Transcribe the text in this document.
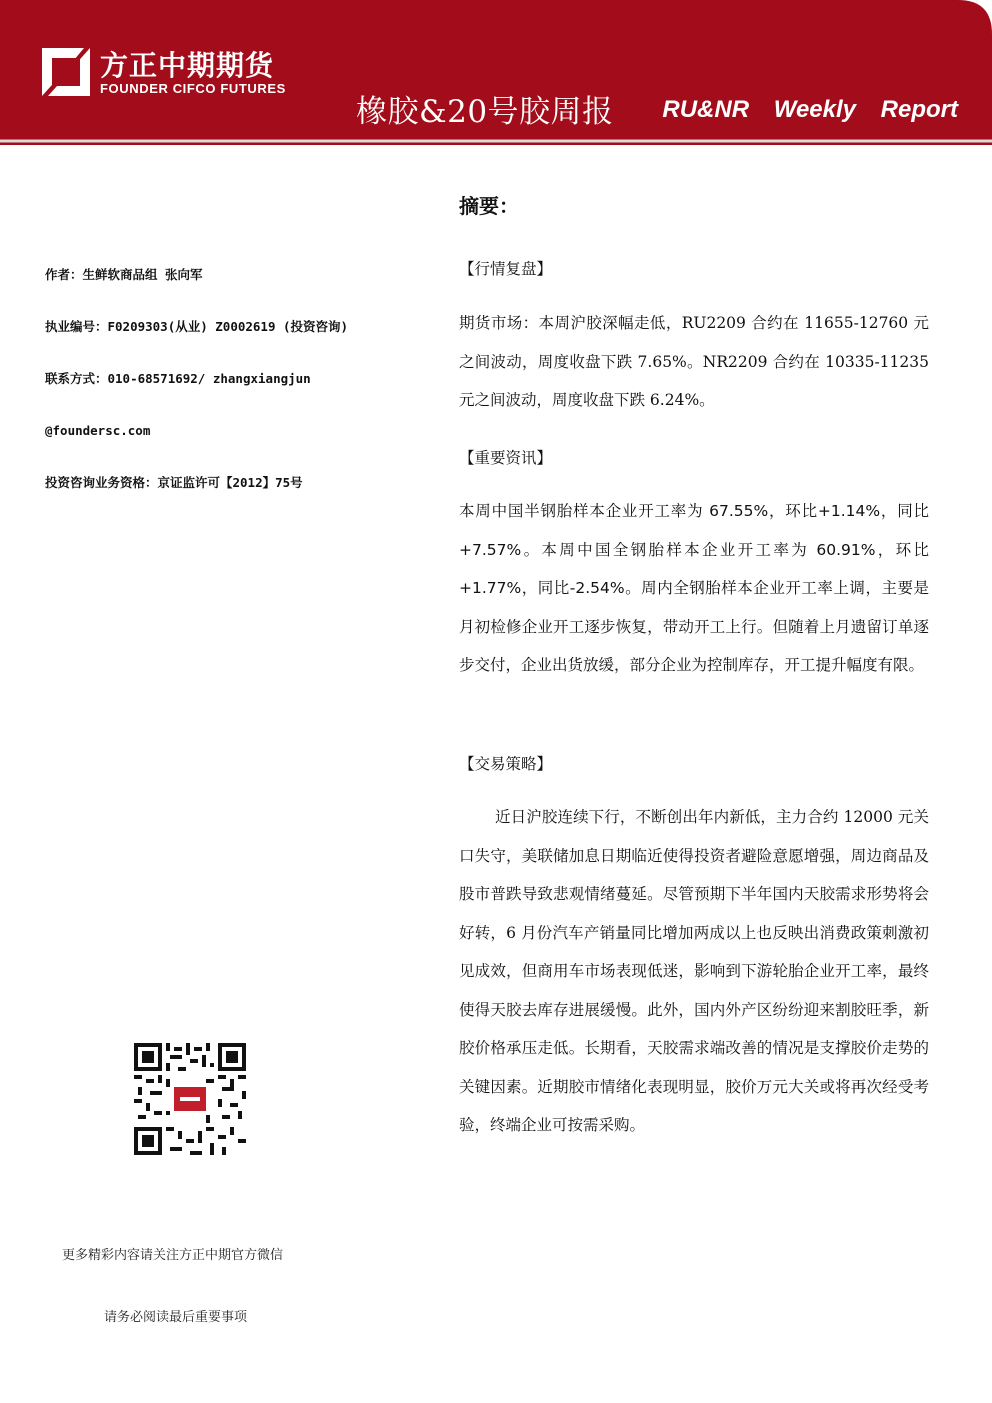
方正中期期货
FOUNDER CIFCO FUTURES
橡胶&20号胶周报 RU&NR Weekly Report
作者：生鲜软商品组 张向军
执业编号：F0209303(从业) Z0002619 (投资咨询)
联系方式：010-68571692/ zhangxiangjun
@foundersc.com
投资咨询业务资格：京证监许可【2012】75号
更多精彩内容请关注方正中期官方微信
请务必阅读最后重要事项
摘要：
【行情复盘】
期货市场：本周沪胶深幅走低，RU2209 合约在 11655-12760 元之间波动，周度收盘下跌 7.65%。NR2209 合约在 10335-11235 元之间波动，周度收盘下跌 6.24%。
【重要资讯】
本周中国半钢胎样本企业开工率为 67.55%，环比+1.14%，同比+7.57%。本周中国全钢胎样本企业开工率为 60.91%，环比+1.77%，同比-2.54%。周内全钢胎样本企业开工率上调，主要是月初检修企业开工逐步恢复，带动开工上行。但随着上月遗留订单逐步交付，企业出货放缓，部分企业为控制库存，开工提升幅度有限。
【交易策略】
近日沪胶连续下行，不断创出年内新低，主力合约 12000 元关口失守，美联储加息日期临近使得投资者避险意愿增强，周边商品及股市普跌导致悲观情绪蔓延。尽管预期下半年国内天胶需求形势将会好转，6 月份汽车产销量同比增加两成以上也反映出消费政策刺激初见成效，但商用车市场表现低迷，影响到下游轮胎企业开工率，最终使得天胶去库存进展缓慢。此外，国内外产区纷纷迎来割胶旺季，新胶价格承压走低。长期看，天胶需求端改善的情况是支撑胶价走势的关键因素。近期胶市情绪化表现明显，胶价万元大关或将再次经受考验，终端企业可按需采购。
